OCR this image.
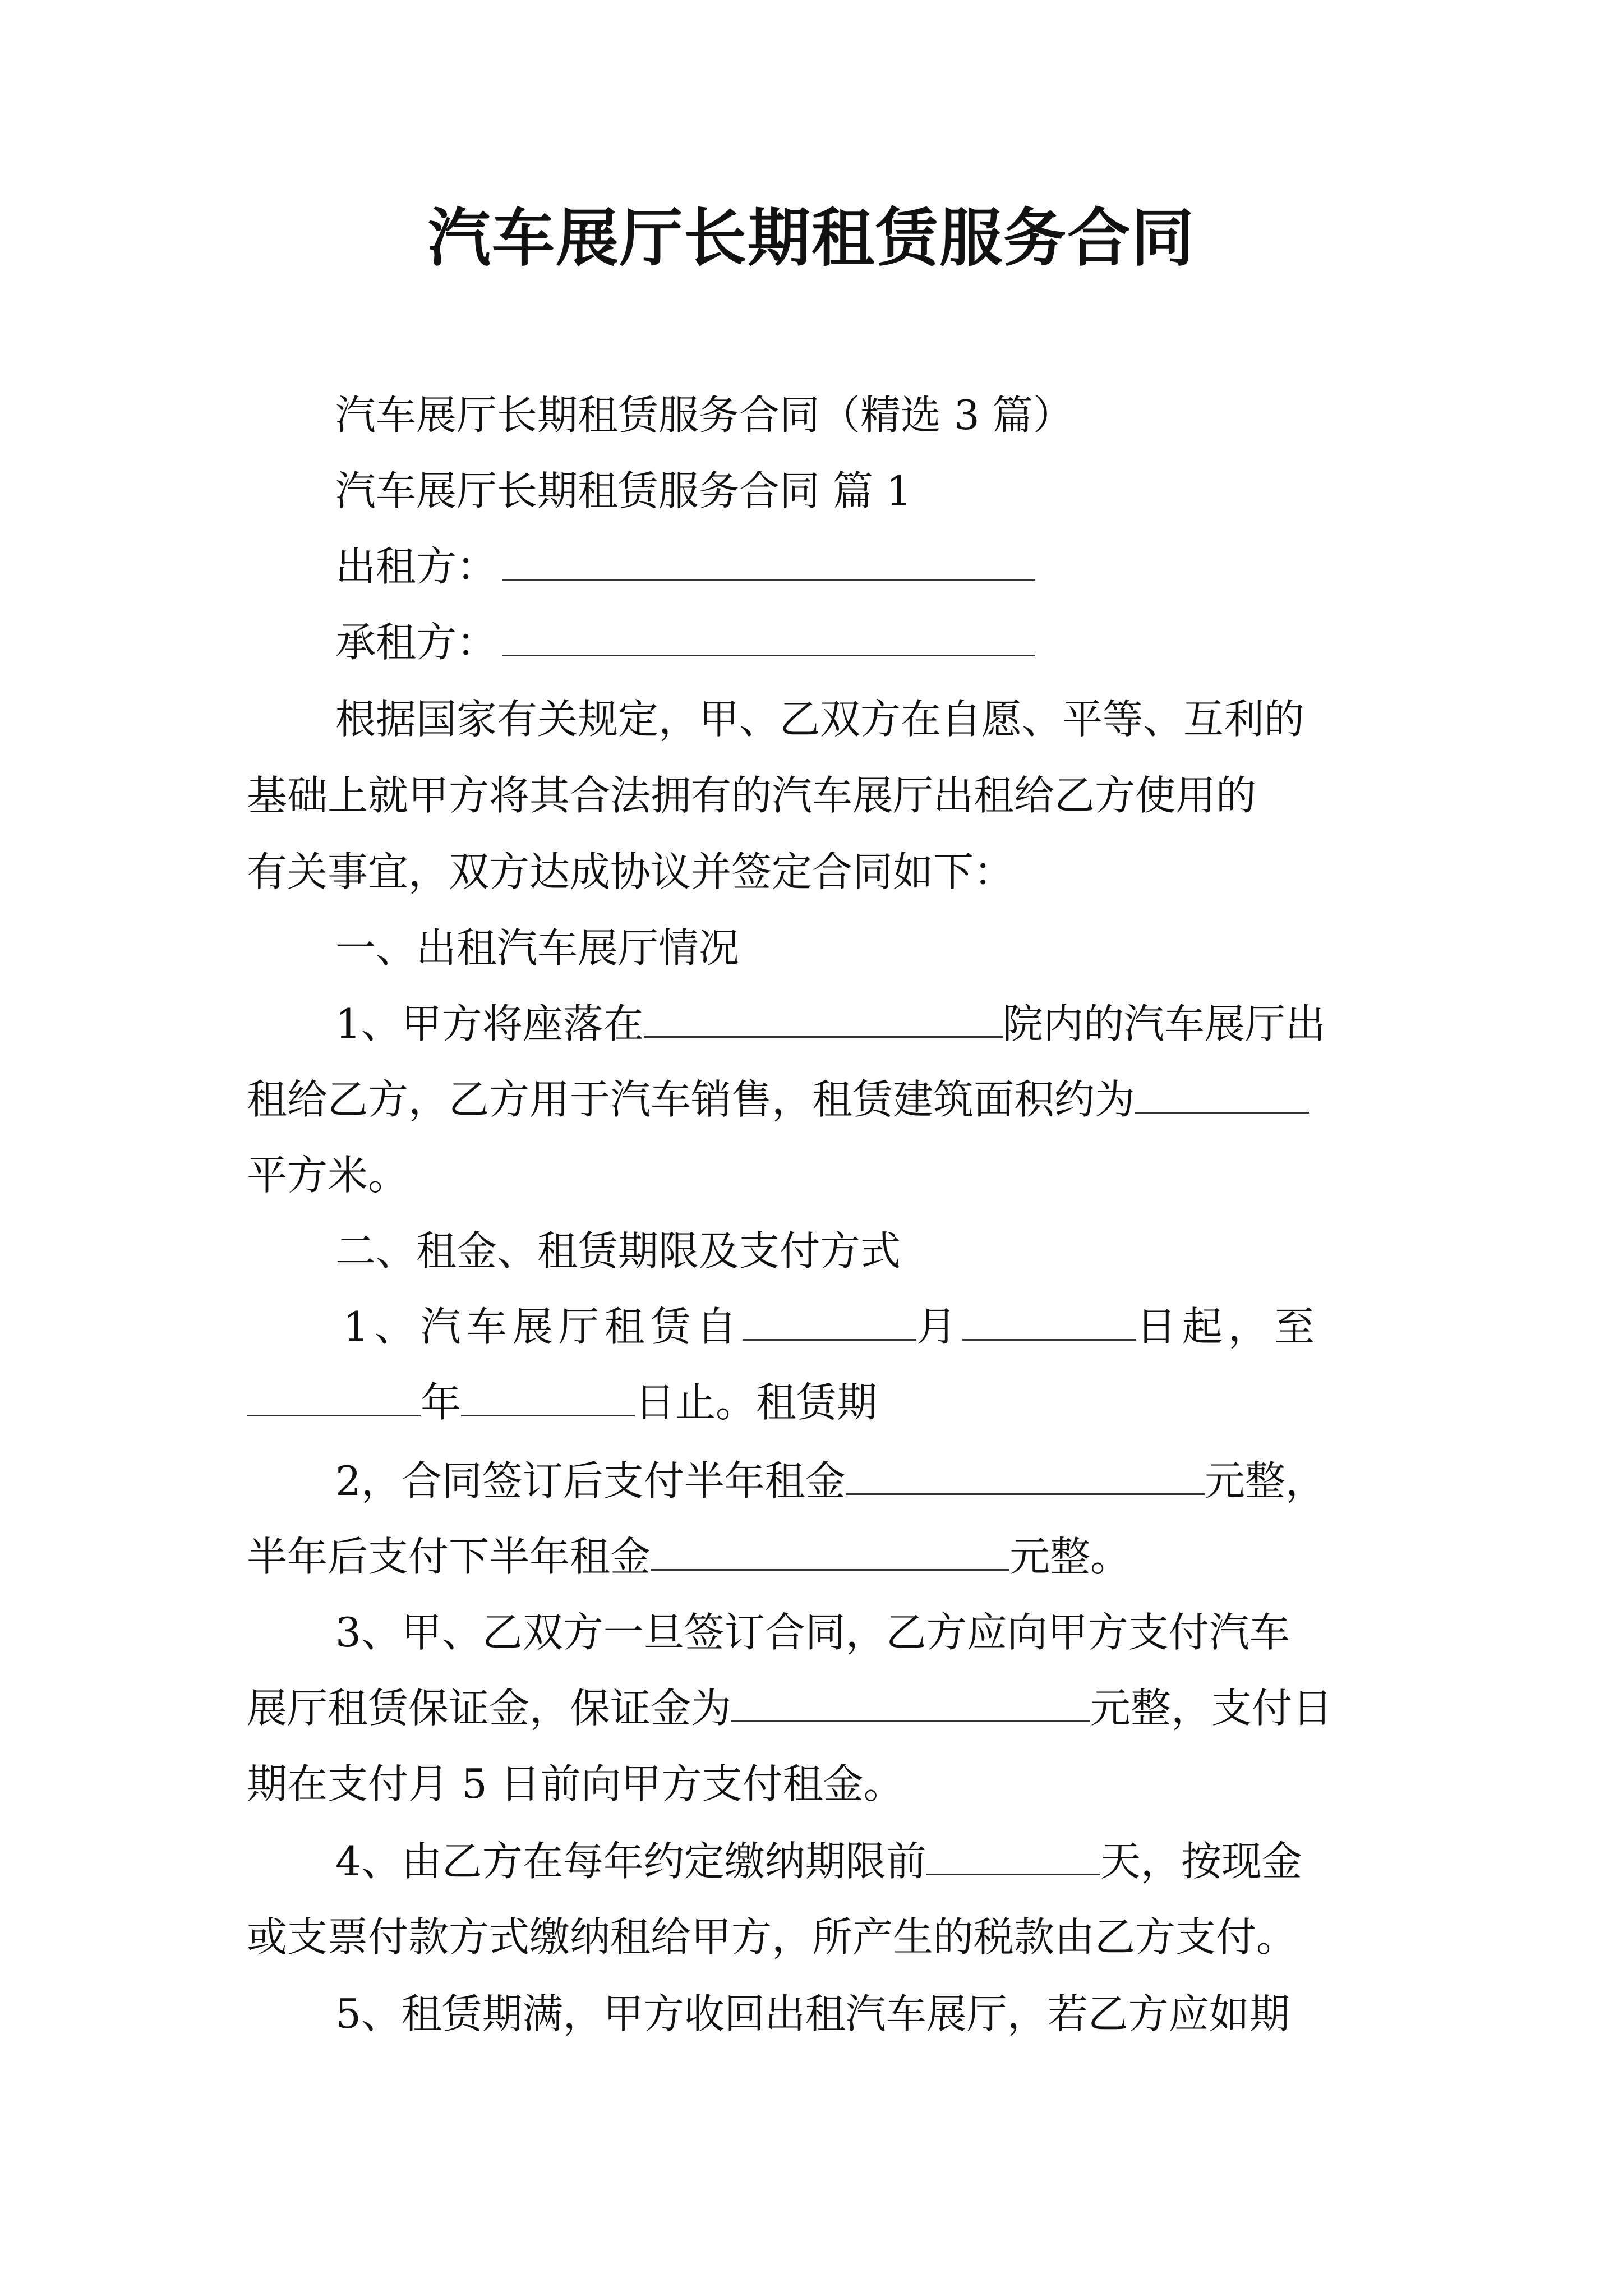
汽车展厅长期租赁服务合同
汽车展厅长期租赁服务合同（精选 3 篇）
汽车展厅长期租赁服务合同 篇 1
出租方：
承租方：
根据国家有关规定，甲、乙双方在自愿、平等、互利的
基础上就甲方将其合法拥有的汽车展厅出租给乙方使用的
有关事宜，双方达成协议并签定合同如下：
一、出租汽车展厅情况
1、甲方将座落在	院内的汽车展厅出
租给乙方，乙方用于汽车销售，租赁建筑面积约为
平方米。
二、租金、租赁期限及支付方式
1、汽车展厅租赁自	月	日起，至
年	日止。租赁期
2，合同签订后支付半年租金	元整，
半年后支付下半年租金	元整。
3、甲、乙双方一旦签订合同，乙方应向甲方支付汽车
展厅租赁保证金，保证金为	元整，支付日
期在支付月 5 日前向甲方支付租金。
4、由乙方在每年约定缴纳期限前	天，按现金
或支票付款方式缴纳租给甲方，所产生的税款由乙方支付。
5、租赁期满，甲方收回出租汽车展厅，若乙方应如期
